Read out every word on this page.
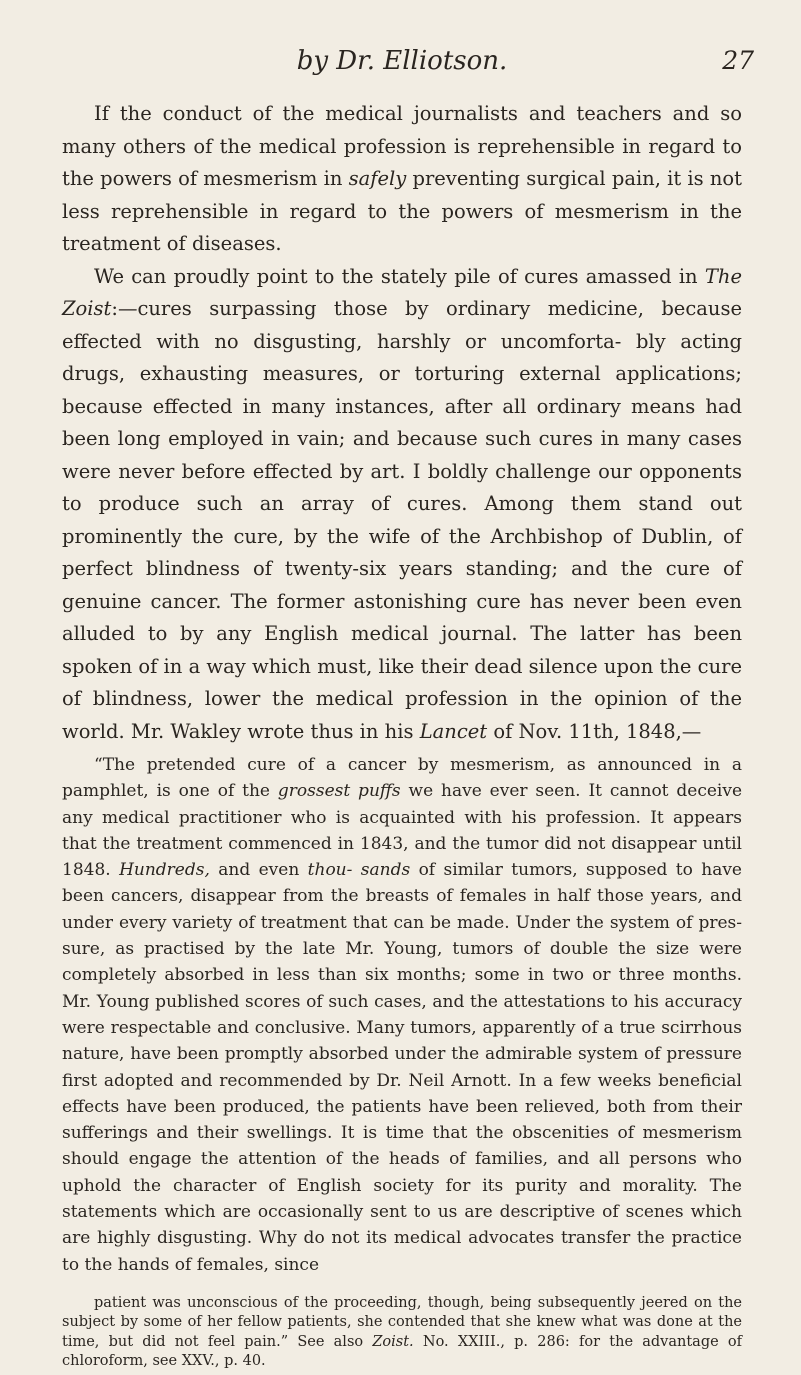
by Dr. Elliotson.	27

If the conduct of the medical journalists and teachers and so many others of the medical profession is reprehensible in regard to the powers of mesmerism in safely preventing surgical pain, it is not less reprehensible in regard to the powers of mesmerism in the treatment of diseases.

We can proudly point to the stately pile of cures amassed in The Zoist:—cures surpassing those by ordinary medicine, because effected with no disgusting, harshly or uncomforta- bly acting drugs, exhausting measures, or torturing external applications; because effected in many instances, after all ordinary means had been long employed in vain; and because such cures in many cases were never before effected by art. I boldly challenge our opponents to produce such an array of cures. Among them stand out prominently the cure, by the wife of the Archbishop of Dublin, of perfect blindness of twenty-six years standing; and the cure of genuine cancer. The former astonishing cure has never been even alluded to by any English medical journal. The latter has been spoken of in a way which must, like their dead silence upon the cure of blindness, lower the medical profession in the opinion of the world. Mr. Wakley wrote thus in his Lancet of Nov. 11th, 1848,—

“The pretended cure of a cancer by mesmerism, as announced in a pamphlet, is one of the grossest puffs we have ever seen. It cannot deceive any medical practitioner who is acquainted with his profession. It appears that the treatment commenced in 1843, and the tumor did not disappear until 1848. Hundreds, and even thou- sands of similar tumors, supposed to have been cancers, disappear from the breasts of females in half those years, and under every variety of treatment that can be made. Under the system of pres- sure, as practised by the late Mr. Young, tumors of double the size were completely absorbed in less than six months; some in two or three months. Mr. Young published scores of such cases, and the attestations to his accuracy were respectable and conclusive. Many tumors, apparently of a true scirrhous nature, have been promptly absorbed under the admirable system of pressure first adopted and recommended by Dr. Neil Arnott. In a few weeks beneficial effects have been produced, the patients have been relieved, both from their sufferings and their swellings. It is time that the obscenities of mesmerism should engage the attention of the heads of families, and all persons who uphold the character of English society for its purity and morality. The statements which are occasionally sent to us are descriptive of scenes which are highly disgusting. Why do not its medical advocates transfer the practice to the hands of females, since

patient was unconscious of the proceeding, though, being subsequently jeered on the subject by some of her fellow patients, she contended that she knew what was done at the time, but did not feel pain.” See also Zoist. No. XXIII., p. 286: for the advantage of chloroform, see XXV., p. 40.
